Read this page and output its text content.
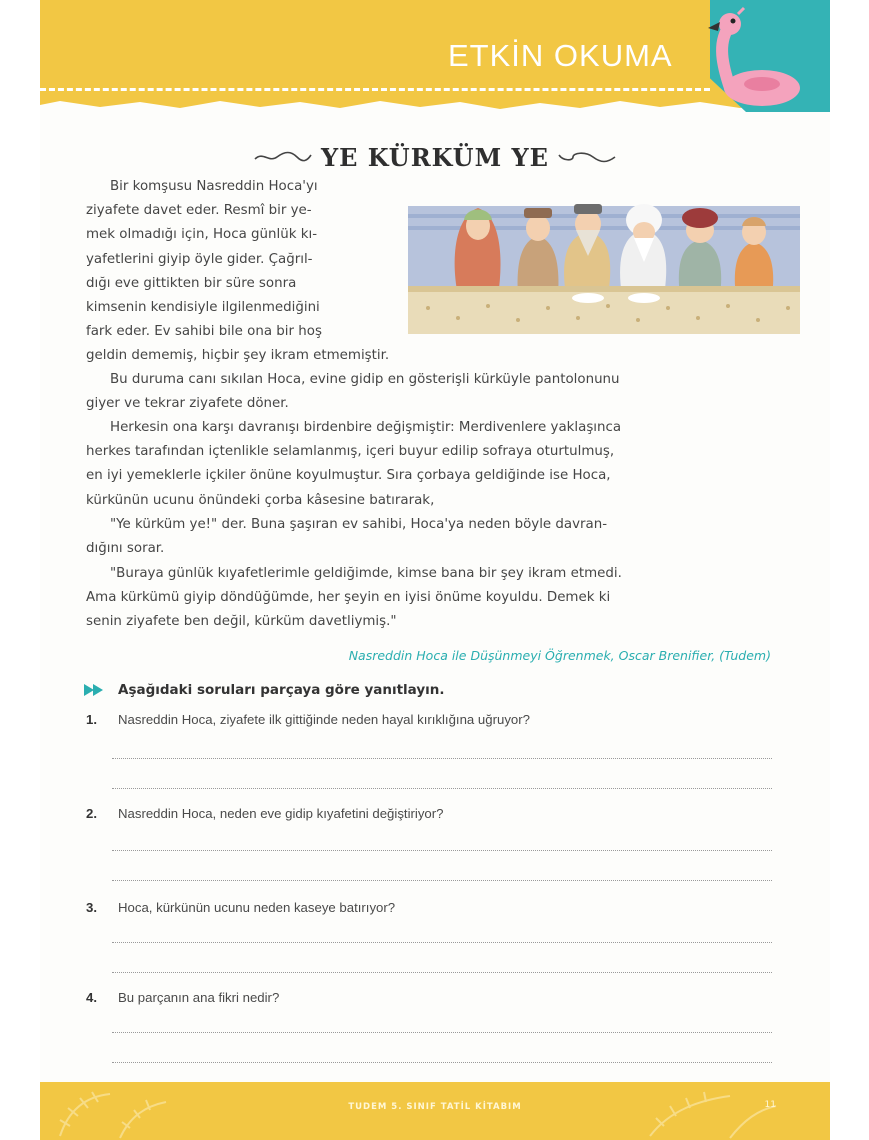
ETKİN OKUMA
YE KÜRKÜM YE
Bir komşusu Nasreddin Hoca'yı
ziyafete davet eder. Resmî bir ye-
mek olmadığı için, Hoca günlük kı-
yafetlerini giyip öyle gider. Çağrıl-
dığı eve gittikten bir süre sonra
kimsenin kendisiyle ilgilenmediğini
fark eder. Ev sahibi bile ona bir hoş
geldin dememiş, hiçbir şey ikram etmemiştir.
Bu duruma canı sıkılan Hoca, evine gidip en gösterişli kürküyle pantolonunu
giyer ve tekrar ziyafete döner.
Herkesin ona karşı davranışı birdenbire değişmiştir: Merdivenlere yaklaşınca
herkes tarafından içtenlikle selamlanmış, içeri buyur edilip sofraya oturtulmuş,
en iyi yemeklerle içkiler önüne koyulmuştur. Sıra çorbaya geldiğinde ise Hoca,
kürkünün ucunu önündeki çorba kâsesine batırarak,
"Ye kürküm ye!" der. Buna şaşıran ev sahibi, Hoca'ya neden böyle davran-
dığını sorar.
"Buraya günlük kıyafetlerimle geldiğimde, kimse bana bir şey ikram etmedi.
Ama kürkümü giyip döndüğümde, her şeyin en iyisi önüme koyuldu. Demek ki
senin ziyafete ben değil, kürküm davetliymiş."
Nasreddin Hoca ile Düşünmeyi Öğrenmek, Oscar Brenifier, (Tudem)
Aşağıdaki soruları parçaya göre yanıtlayın.
1.	Nasreddin Hoca, ziyafete ilk gittiğinde neden hayal kırıklığına uğruyor?
2.	Nasreddin Hoca, neden eve gidip kıyafetini değiştiriyor?
3.	Hoca, kürkünün ucunu neden kaseye batırıyor?
4.	Bu parçanın ana fikri nedir?
TUDEM 5. SINIF TATİL KİTABIM	11
